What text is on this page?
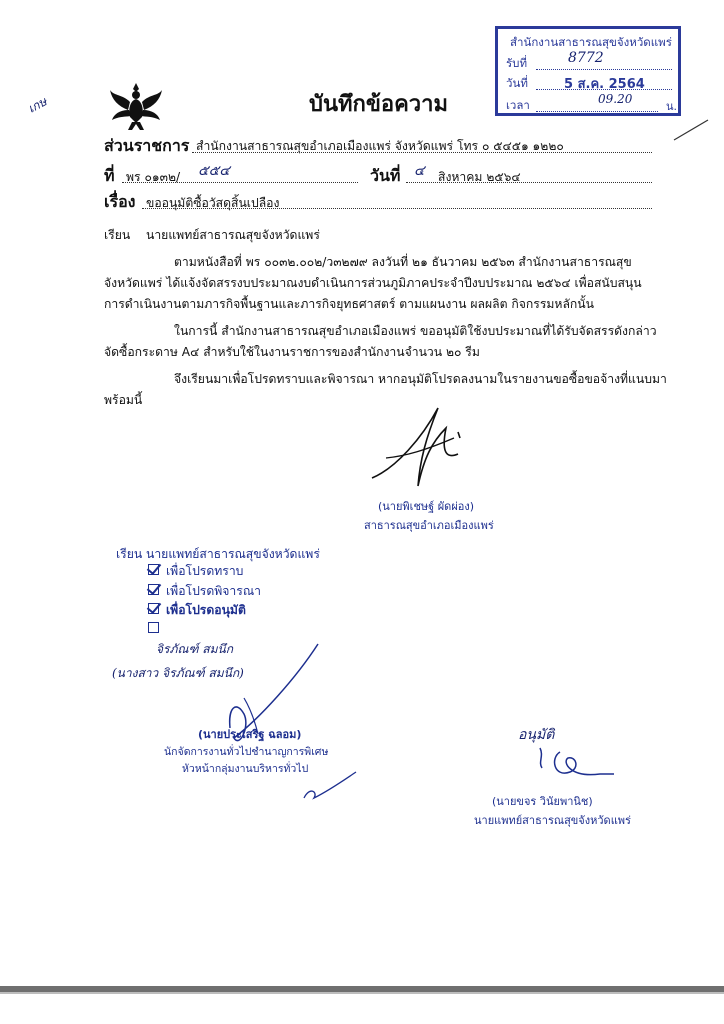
เกษ
สำนักงานสาธารณสุขจังหวัดแพร่
รับที่	8772
วันที่	5 ส.ค. 2564
เวลา	09.20
น.
บันทึกข้อความ
ส่วนราชการ สำนักงานสาธารณสุขอำเภอเมืองแพร่ จังหวัดแพร่ โทร ๐ ๕๔๕๑ ๑๒๒๐
ที่ พร ๐๑๓๒/ ๕๕๔	วันที่ ๔ สิงหาคม ๒๕๖๔
เรื่อง ขออนุมัติซื้อวัสดุสิ้นเปลือง
เรียน นายแพทย์สาธารณสุขจังหวัดแพร่
ตามหนังสือที่ พร ๐๐๓๒.๐๐๒/ว๓๒๗๙ ลงวันที่ ๒๑ ธันวาคม ๒๕๖๓ สำนักงานสาธารณสุข
จังหวัดแพร่ ได้แจ้งจัดสรรงบประมาณงบดำเนินการส่วนภูมิภาคประจำปีงบประมาณ ๒๕๖๔ เพื่อสนับสนุน
การดำเนินงานตามภารกิจพื้นฐานและภารกิจยุทธศาสตร์ ตามแผนงาน ผลผลิต กิจกรรมหลักนั้น
ในการนี้ สำนักงานสาธารณสุขอำเภอเมืองแพร่ ขออนุมัติใช้งบประมาณที่ได้รับจัดสรรดังกล่าว
จัดซื้อกระดาษ A๔ สำหรับใช้ในงานราชการของสำนักงานจำนวน ๒๐ รีม
จึงเรียนมาเพื่อโปรดทราบและพิจารณา หากอนุมัติโปรดลงนามในรายงานขอซื้อขอจ้างที่แนบมา
พร้อมนี้
(นายพิเชษฐ์ ผัดผ่อง)
สาธารณสุขอำเภอเมืองแพร่
เรียน นายแพทย์สาธารณสุขจังหวัดแพร่
เพื่อโปรดทราบ
เพื่อโปรดพิจารณา
เพื่อโปรดอนุมัติ
จิรภัณฑ์ สมนึก
(นางสาว จิรภัณฑ์ สมนึก)
(นายประเสริฐ ฉลอม)
นักจัดการงานทั่วไปชำนาญการพิเศษ
หัวหน้ากลุ่มงานบริหารทั่วไป
อนุมัติ
(นายขจร วินัยพานิช)
นายแพทย์สาธารณสุขจังหวัดแพร่
